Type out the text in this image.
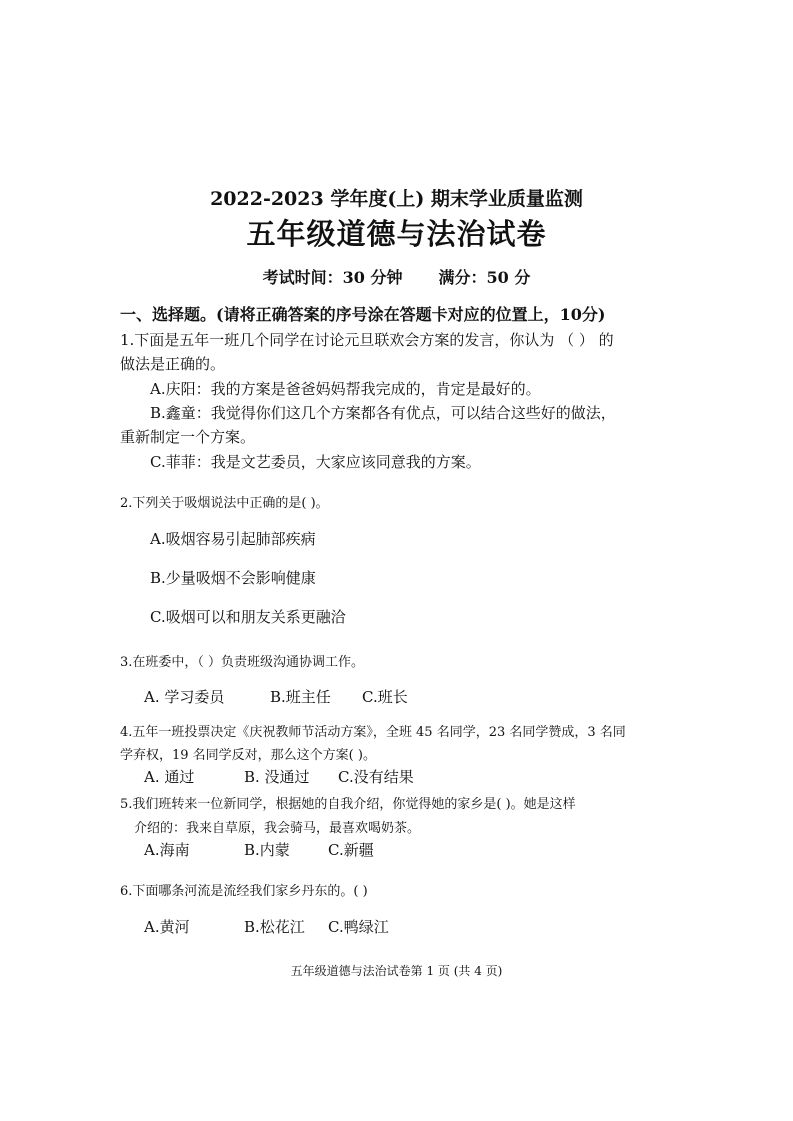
2022-2023 学年度(上) 期末学业质量监测
五年级道德与法治试卷
考试时间：30 分钟 满分：50 分
一、选择题。(请将正确答案的序号涂在答题卡对应的位置上，10分)
1.下面是五年一班几个同学在讨论元旦联欢会方案的发言，你认为 （ ） 的
做法是正确的。
A.庆阳：我的方案是爸爸妈妈帮我完成的，肯定是最好的。
B.鑫童：我觉得你们这几个方案都各有优点，可以结合这些好的做法，
重新制定一个方案。
C.菲菲：我是文艺委员，大家应该同意我的方案。
2.下列关于吸烟说法中正确的是( )。
A.吸烟容易引起肺部疾病
B.少量吸烟不会影响健康
C.吸烟可以和朋友关系更融洽
3.在班委中，（ ）负责班级沟通协调工作。
A. 学习委员	B.班主任 C.班长
4.五年一班投票决定《庆祝教师节活动方案》，全班 45 名同学，23 名同学赞成，3 名同
学弃权，19 名同学反对，那么这个方案( )。
A. 通过	B. 没通过 C.没有结果
5.我们班转来一位新同学，根据她的自我介绍，你觉得她的家乡是( )。她是这样
介绍的：我来自草原，我会骑马，最喜欢喝奶茶。
A.海南	B.内蒙	C.新疆
6.下面哪条河流是流经我们家乡丹东的。( )
A.黄河	B.松花江 C.鸭绿江
五年级道德与法治试卷第 1 页 (共 4 页)
